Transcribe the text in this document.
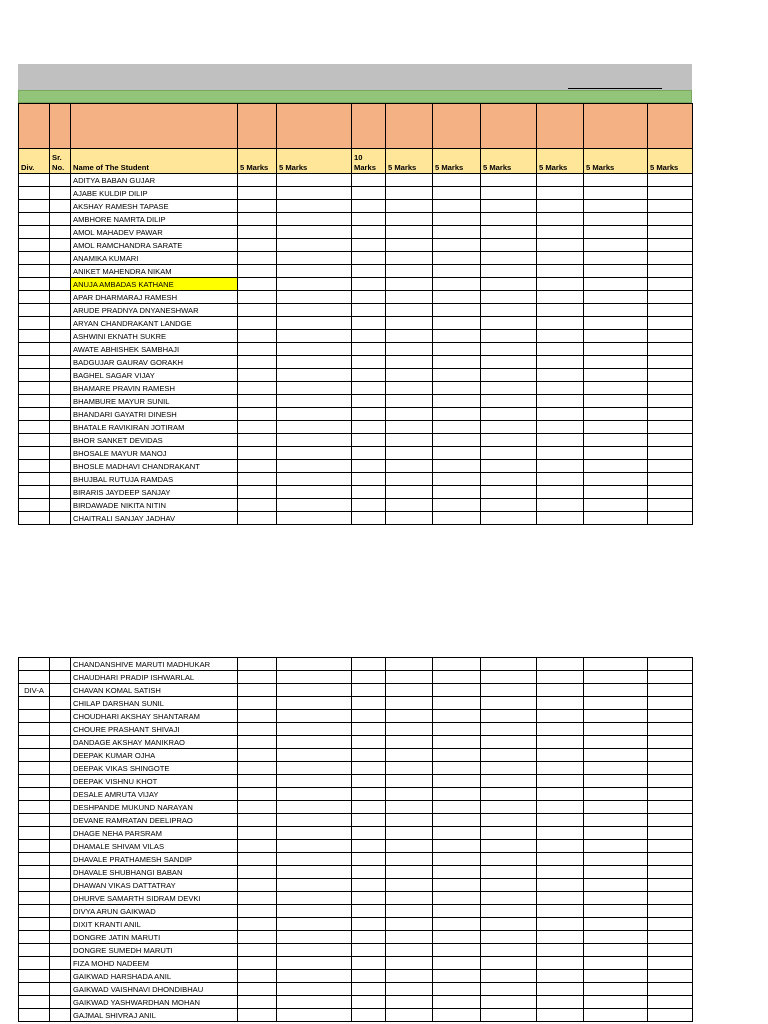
Div.	Sr. No.	Name of The Student	5 Marks	5 Marks	10 Marks	5 Marks	5 Marks	5 Marks	5 Marks	5 Marks	5 Marks
		ADITYA BABAN GUJAR									
		AJABE KULDIP DILIP									
		AKSHAY RAMESH TAPASE									
		AMBHORE NAMRTA DILIP									
		AMOL MAHADEV PAWAR									
		AMOL RAMCHANDRA SARATE									
		ANAMIKA KUMARI									
		ANIKET MAHENDRA NIKAM									
		ANUJA AMBADAS KATHANE									
		APAR DHARMARAJ RAMESH									
		ARUDE PRADNYA DNYANESHWAR									
		ARYAN CHANDRAKANT LANDGE									
		ASHWINI EKNATH SUKRE									
		AWATE ABHISHEK SAMBHAJI									
		BADGUJAR GAURAV GORAKH									
		BAGHEL SAGAR VIJAY									
		BHAMARE PRAVIN RAMESH									
		BHAMBURE MAYUR SUNIL									
		BHANDARI GAYATRI DINESH									
		BHATALE RAVIKIRAN JOTIRAM									
		BHOR SANKET DEVIDAS									
		BHOSALE MAYUR MANOJ									
		BHOSLE MADHAVI CHANDRAKANT									
		BHUJBAL RUTUJA RAMDAS									
		BIRARIS JAYDEEP SANJAY									
		BIRDAWADE NIKITA NITIN									
		CHAITRALI SANJAY JADHAV									
		CHANDANSHIVE MARUTI MADHUKAR									
		CHAUDHARI PRADIP ISHWARLAL									
DIV-A		CHAVAN KOMAL SATISH									
		CHILAP DARSHAN SUNIL									
		CHOUDHARI AKSHAY SHANTARAM									
		CHOURE PRASHANT SHIVAJI									
		DANDAGE AKSHAY MANIKRAO									
		DEEPAK KUMAR OJHA									
		DEEPAK VIKAS SHINGOTE									
		DEEPAK VISHNU KHOT									
		DESALE AMRUTA VIJAY									
		DESHPANDE MUKUND NARAYAN									
		DEVANE RAMRATAN DEELIPRAO									
		DHAGE NEHA PARSRAM									
		DHAMALE SHIVAM VILAS									
		DHAVALE PRATHAMESH SANDIP									
		DHAVALE SHUBHANGI BABAN									
		DHAWAN VIKAS DATTATRAY									
		DHURVE SAMARTH SIDRAM DEVKI									
		DIVYA ARUN GAIKWAD									
		DIXIT KRANTI ANIL									
		DONGRE JATIN MARUTI									
		DONGRE SUMEDH MARUTI									
		FIZA MOHD NADEEM									
		GAIKWAD HARSHADA ANIL									
		GAIKWAD VAISHNAVI DHONDIBHAU									
		GAIKWAD YASHWARDHAN MOHAN									
		GAJMAL SHIVRAJ ANIL									
